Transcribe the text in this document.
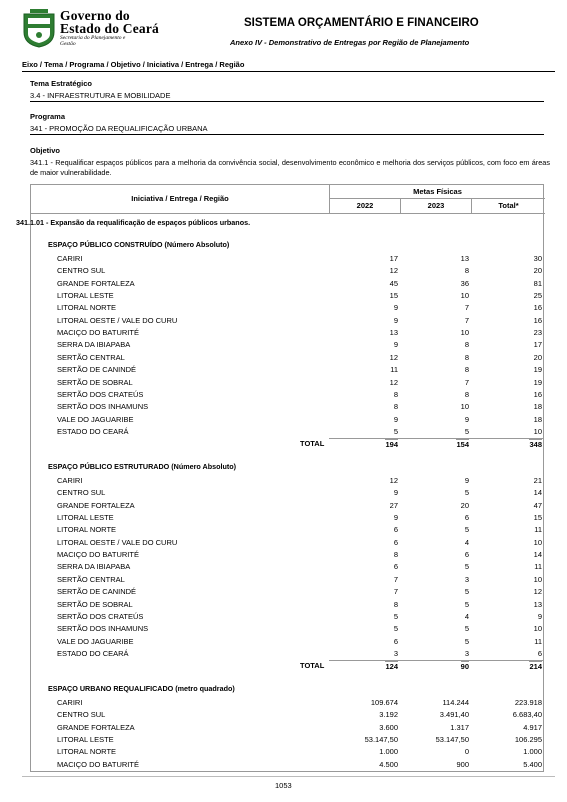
Governo do
Estado do Ceará
Secretaria do Planejamento e Gestão
SISTEMA ORÇAMENTÁRIO E FINANCEIRO
Anexo IV - Demonstrativo de Entregas por Região de Planejamento
Eixo / Tema / Programa / Objetivo / Iniciativa / Entrega / Região
Tema Estratégico
3.4 - INFRAESTRUTURA E MOBILIDADE
Programa
341 - PROMOÇÃO DA REQUALIFICAÇÃO URBANA
Objetivo
341.1 - Requalificar espaços públicos para a melhoria da convivência social, desenvolvimento econômico e melhoria dos serviços públicos, com foco em áreas de maior vulnerabilidade.
Iniciativa / Entrega / Região
Metas Físicas
2022	2023	Total*
341.1.01 - Expansão da requalificação de espaços públicos urbanos.
ESPAÇO PÚBLICO CONSTRUÍDO (Número Absoluto)
CARIRI	17	13	30
CENTRO SUL	12	8	20
GRANDE FORTALEZA	45	36	81
LITORAL LESTE	15	10	25
LITORAL NORTE	9	7	16
LITORAL OESTE / VALE DO CURU	9	7	16
MACIÇO DO BATURITÉ	13	10	23
SERRA DA IBIAPABA	9	8	17
SERTÃO CENTRAL	12	8	20
SERTÃO DE CANINDÉ	11	8	19
SERTÃO DE SOBRAL	12	7	19
SERTÃO DOS CRATEÚS	8	8	16
SERTÃO DOS INHAMUNS	8	10	18
VALE DO JAGUARIBE	9	9	18
ESTADO DO CEARÁ	5	5	10
TOTAL	194	154	348
ESPAÇO PÚBLICO ESTRUTURADO (Número Absoluto)
CARIRI	12	9	21
CENTRO SUL	9	5	14
GRANDE FORTALEZA	27	20	47
LITORAL LESTE	9	6	15
LITORAL NORTE	6	5	11
LITORAL OESTE / VALE DO CURU	6	4	10
MACIÇO DO BATURITÉ	8	6	14
SERRA DA IBIAPABA	6	5	11
SERTÃO CENTRAL	7	3	10
SERTÃO DE CANINDÉ	7	5	12
SERTÃO DE SOBRAL	8	5	13
SERTÃO DOS CRATEÚS	5	4	9
SERTÃO DOS INHAMUNS	5	5	10
VALE DO JAGUARIBE	6	5	11
ESTADO DO CEARÁ	3	3	6
TOTAL	124	90	214
ESPAÇO URBANO REQUALIFICADO (metro quadrado)
CARIRI	109.674	114.244	223.918
CENTRO SUL	3.192	3.491,40	6.683,40
GRANDE FORTALEZA	3.600	1.317	4.917
LITORAL LESTE	53.147,50	53.147,50	106.295
LITORAL NORTE	1.000	0	1.000
MACIÇO DO BATURITÉ	4.500	900	5.400
1053
